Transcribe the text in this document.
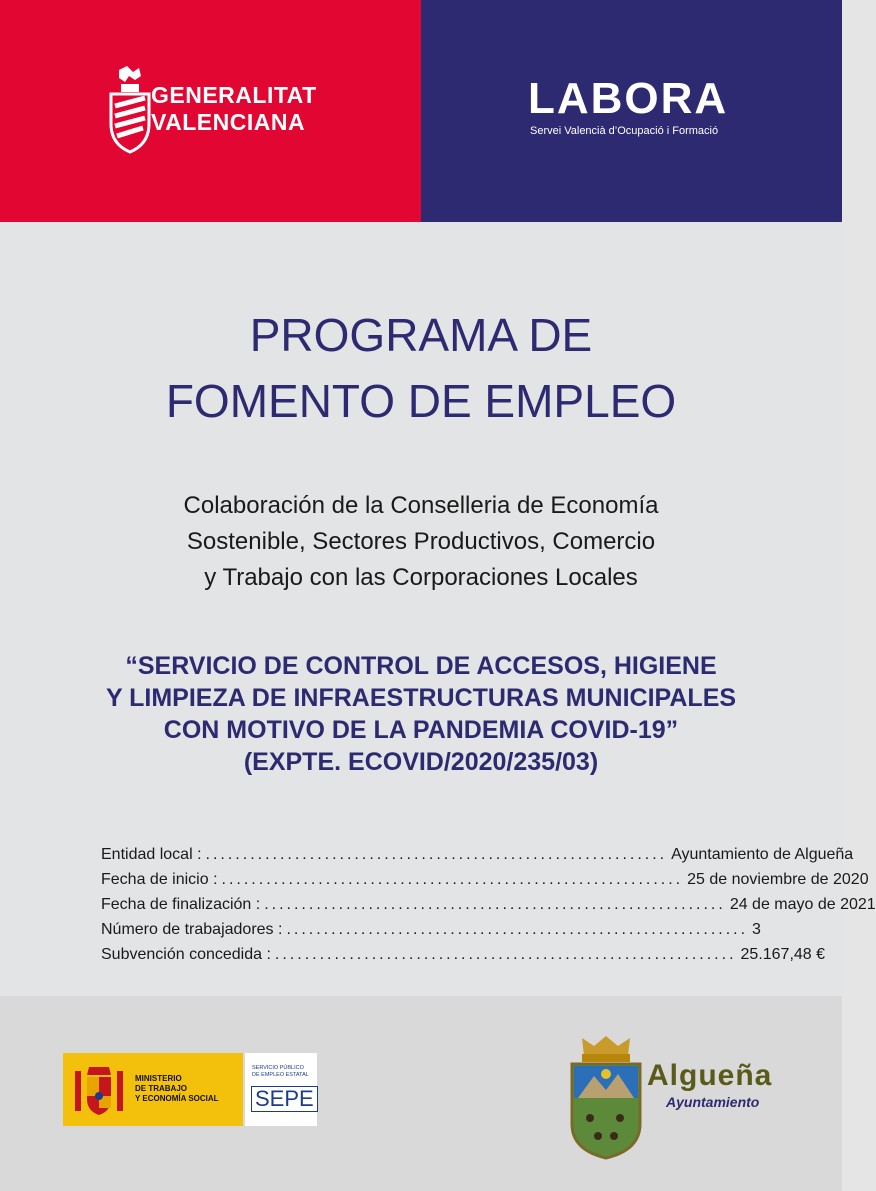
GENERALITAT
VALENCIANA	LABORA
Servei Valencià d’Ocupació i Formació
PROGRAMA DE
FOMENTO DE EMPLEO
Colaboración de la Conselleria de Economía
Sostenible, Sectores Productivos, Comercio
y Trabajo con las Corporaciones Locales
“SERVICIO DE CONTROL DE ACCESOS, HIGIENE
Y LIMPIEZA DE INFRAESTRUCTURAS MUNICIPALES
CON MOTIVO DE LA PANDEMIA COVID-19”
(EXPTE. ECOVID/2020/235/03)
Entidad local : .............................................................. Ayuntamiento de Algueña
Fecha de inicio : .............................................................. 25 de noviembre de 2020
Fecha de finalización : .............................................................. 24 de mayo de 2021
Número de trabajadores : .............................................................. 3
Subvención concedida : .............................................................. 25.167,48 €
MINISTERIO
DE TRABAJO
Y ECONOMÍA SOCIAL
SERVICIO PÚBLICO
DE EMPLEO ESTATAL
SEPE
Algueña
Ayuntamiento
